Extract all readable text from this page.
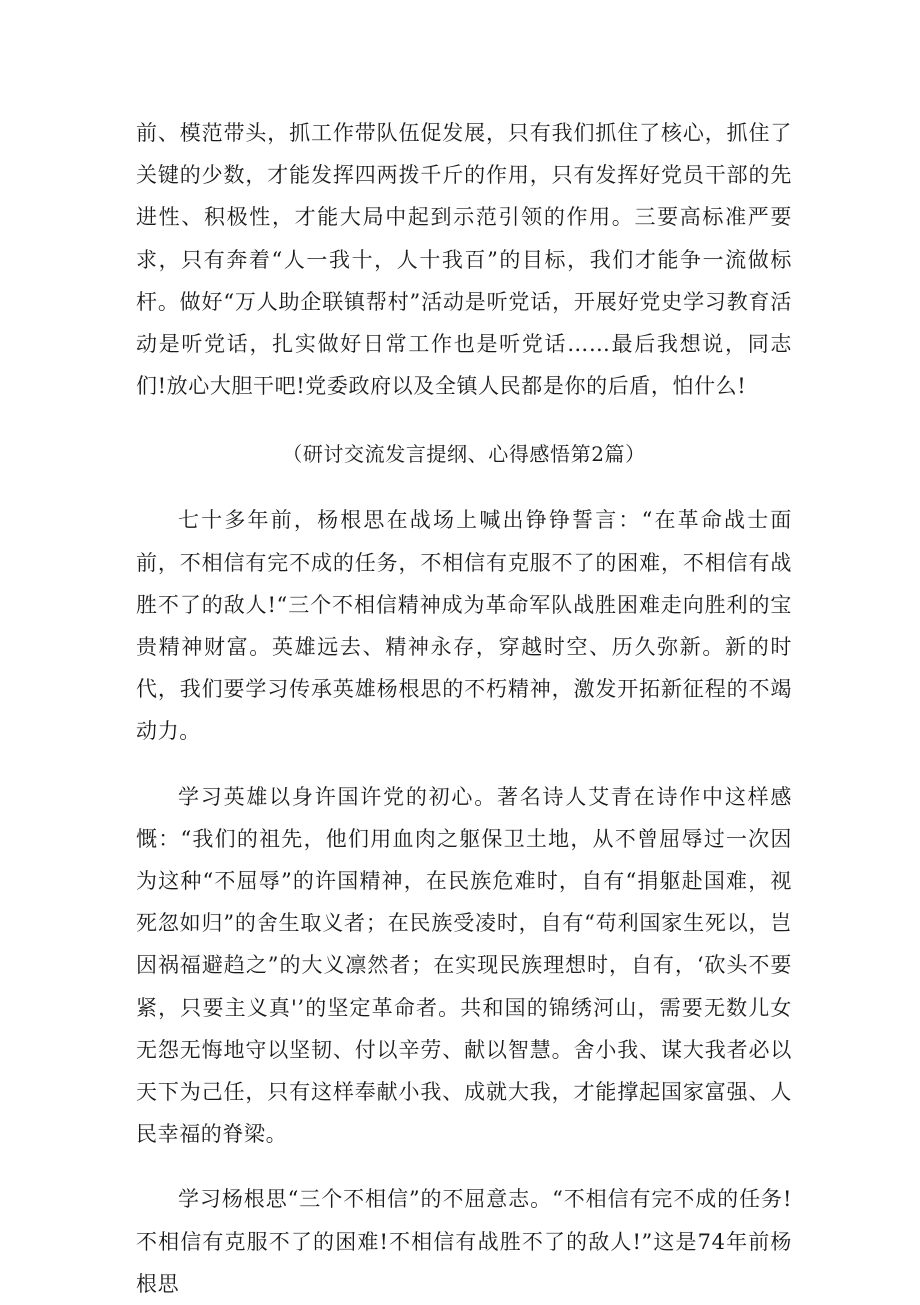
前、模范带头，抓工作带队伍促发展，只有我们抓住了核心，抓住了关键的少数，才能发挥四两拨千斤的作用，只有发挥好党员干部的先进性、积极性，才能大局中起到示范引领的作用。三要高标准严要求，只有奔着“人一我十，人十我百”的目标，我们才能争一流做标杆。做好“万人助企联镇帮村”活动是听党话，开展好党史学习教育活动是听党话，扎实做好日常工作也是听党话……最后我想说，同志们!放心大胆干吧!党委政府以及全镇人民都是你的后盾，怕什么!

（研讨交流发言提纲、心得感悟第2篇）

七十多年前，杨根思在战场上喊出铮铮誓言：“在革命战士面前，不相信有完不成的任务，不相信有克服不了的困难，不相信有战胜不了的敌人!“三个不相信精神成为革命军队战胜困难走向胜利的宝贵精神财富。英雄远去、精神永存，穿越时空、历久弥新。新的时代，我们要学习传承英雄杨根思的不朽精神，激发开拓新征程的不竭动力。

学习英雄以身许国许党的初心。著名诗人艾青在诗作中这样感慨：“我们的祖先，他们用血肉之躯保卫土地，从不曾屈辱过一次因为这种“不屈辱”的许国精神，在民族危难时，自有“捐躯赴国难，视死忽如归”的舍生取义者；在民族受凌时，自有“苟利国家生死以，岂因祸福避趋之”的大义凛然者；在实现民族理想时，自有，‘砍头不要紧，只要主义真'’的坚定革命者。共和国的锦绣河山，需要无数儿女无怨无悔地守以坚韧、付以辛劳、献以智慧。舍小我、谋大我者必以天下为己任，只有这样奉献小我、成就大我，才能撑起国家富强、人民幸福的脊梁。

学习杨根思“三个不相信”的不屈意志。“不相信有完不成的任务!不相信有克服不了的困难!不相信有战胜不了的敌人!”这是74年前杨根思
